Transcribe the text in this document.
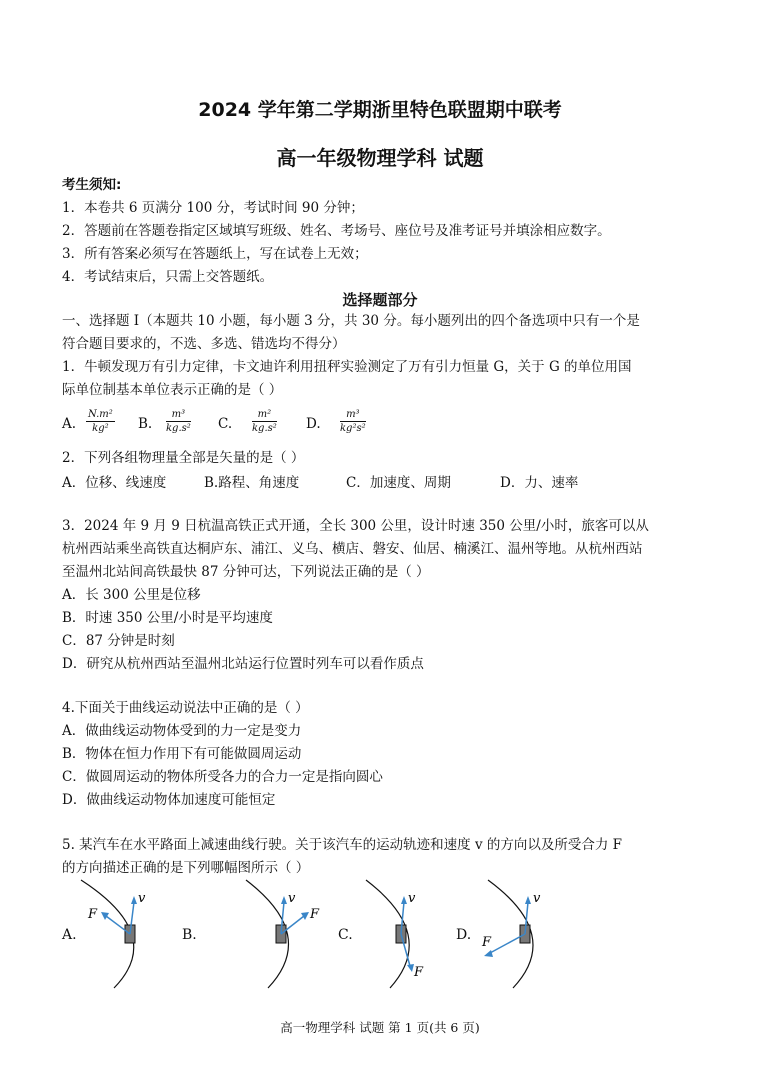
2024 学年第二学期浙里特色联盟期中联考
高一年级物理学科 试题
考生须知:
1．本卷共 6 页满分 100 分，考试时间 90 分钟；
2．答题前在答题卷指定区域填写班级、姓名、考场号、座位号及准考证号并填涂相应数字。
3．所有答案必须写在答题纸上，写在试卷上无效；
4．考试结束后，只需上交答题纸。
选择题部分
一、选择题 I（本题共 10 小题，每小题 3 分，共 30 分。每小题列出的四个备选项中只有一个是
符合题目要求的，不选、多选、错选均不得分）
1．牛顿发现万有引力定律，卡文迪许利用扭秤实验测定了万有引力恒量 G，关于 G 的单位用国
际单位制基本单位表示正确的是（ ）
A. $\frac{\text{N.m²}}{\text{kg²}} B$. $\frac{\text{m³}}{\text{kg.s²}} C$. $\frac{\text{m²}}{\text{kg.s²}} D$. $\frac{\text{m³}}{\text{kg²s²}}$
2．下列各组物理量全部是矢量的是（ ）
A．位移、线速度	B.路程、角速度	C．加速度、周期	D．力、速率
3．2024 年 9 月 9 日杭温高铁正式开通，全长 300 公里，设计时速 350 公里/小时，旅客可以从
杭州西站乘坐高铁直达桐庐东、浦江、义乌、横店、磐安、仙居、楠溪江、温州等地。从杭州西站
至温州北站间高铁最快 87 分钟可达，下列说法正确的是（ ）
A．长 300 公里是位移
B．时速 350 公里/小时是平均速度
C．87 分钟是时刻
D．研究从杭州西站至温州北站运行位置时列车可以看作质点
4.下面关于曲线运动说法中正确的是（ ）
A．做曲线运动物体受到的力一定是变力
B．物体在恒力作用下有可能做圆周运动
C．做圆周运动的物体所受各力的合力一定是指向圆心
D．做曲线运动物体加速度可能恒定
5. 某汽车在水平路面上减速曲线行驶。关于该汽车的运动轨迹和速度 v 的方向以及所受合力 F
的方向描述正确的是下列哪幅图所示（ ）
A.
v
F
B.
v
F
C.
v
F
D.
v
F
高一物理学科 试题 第 1 页(共 6 页)
